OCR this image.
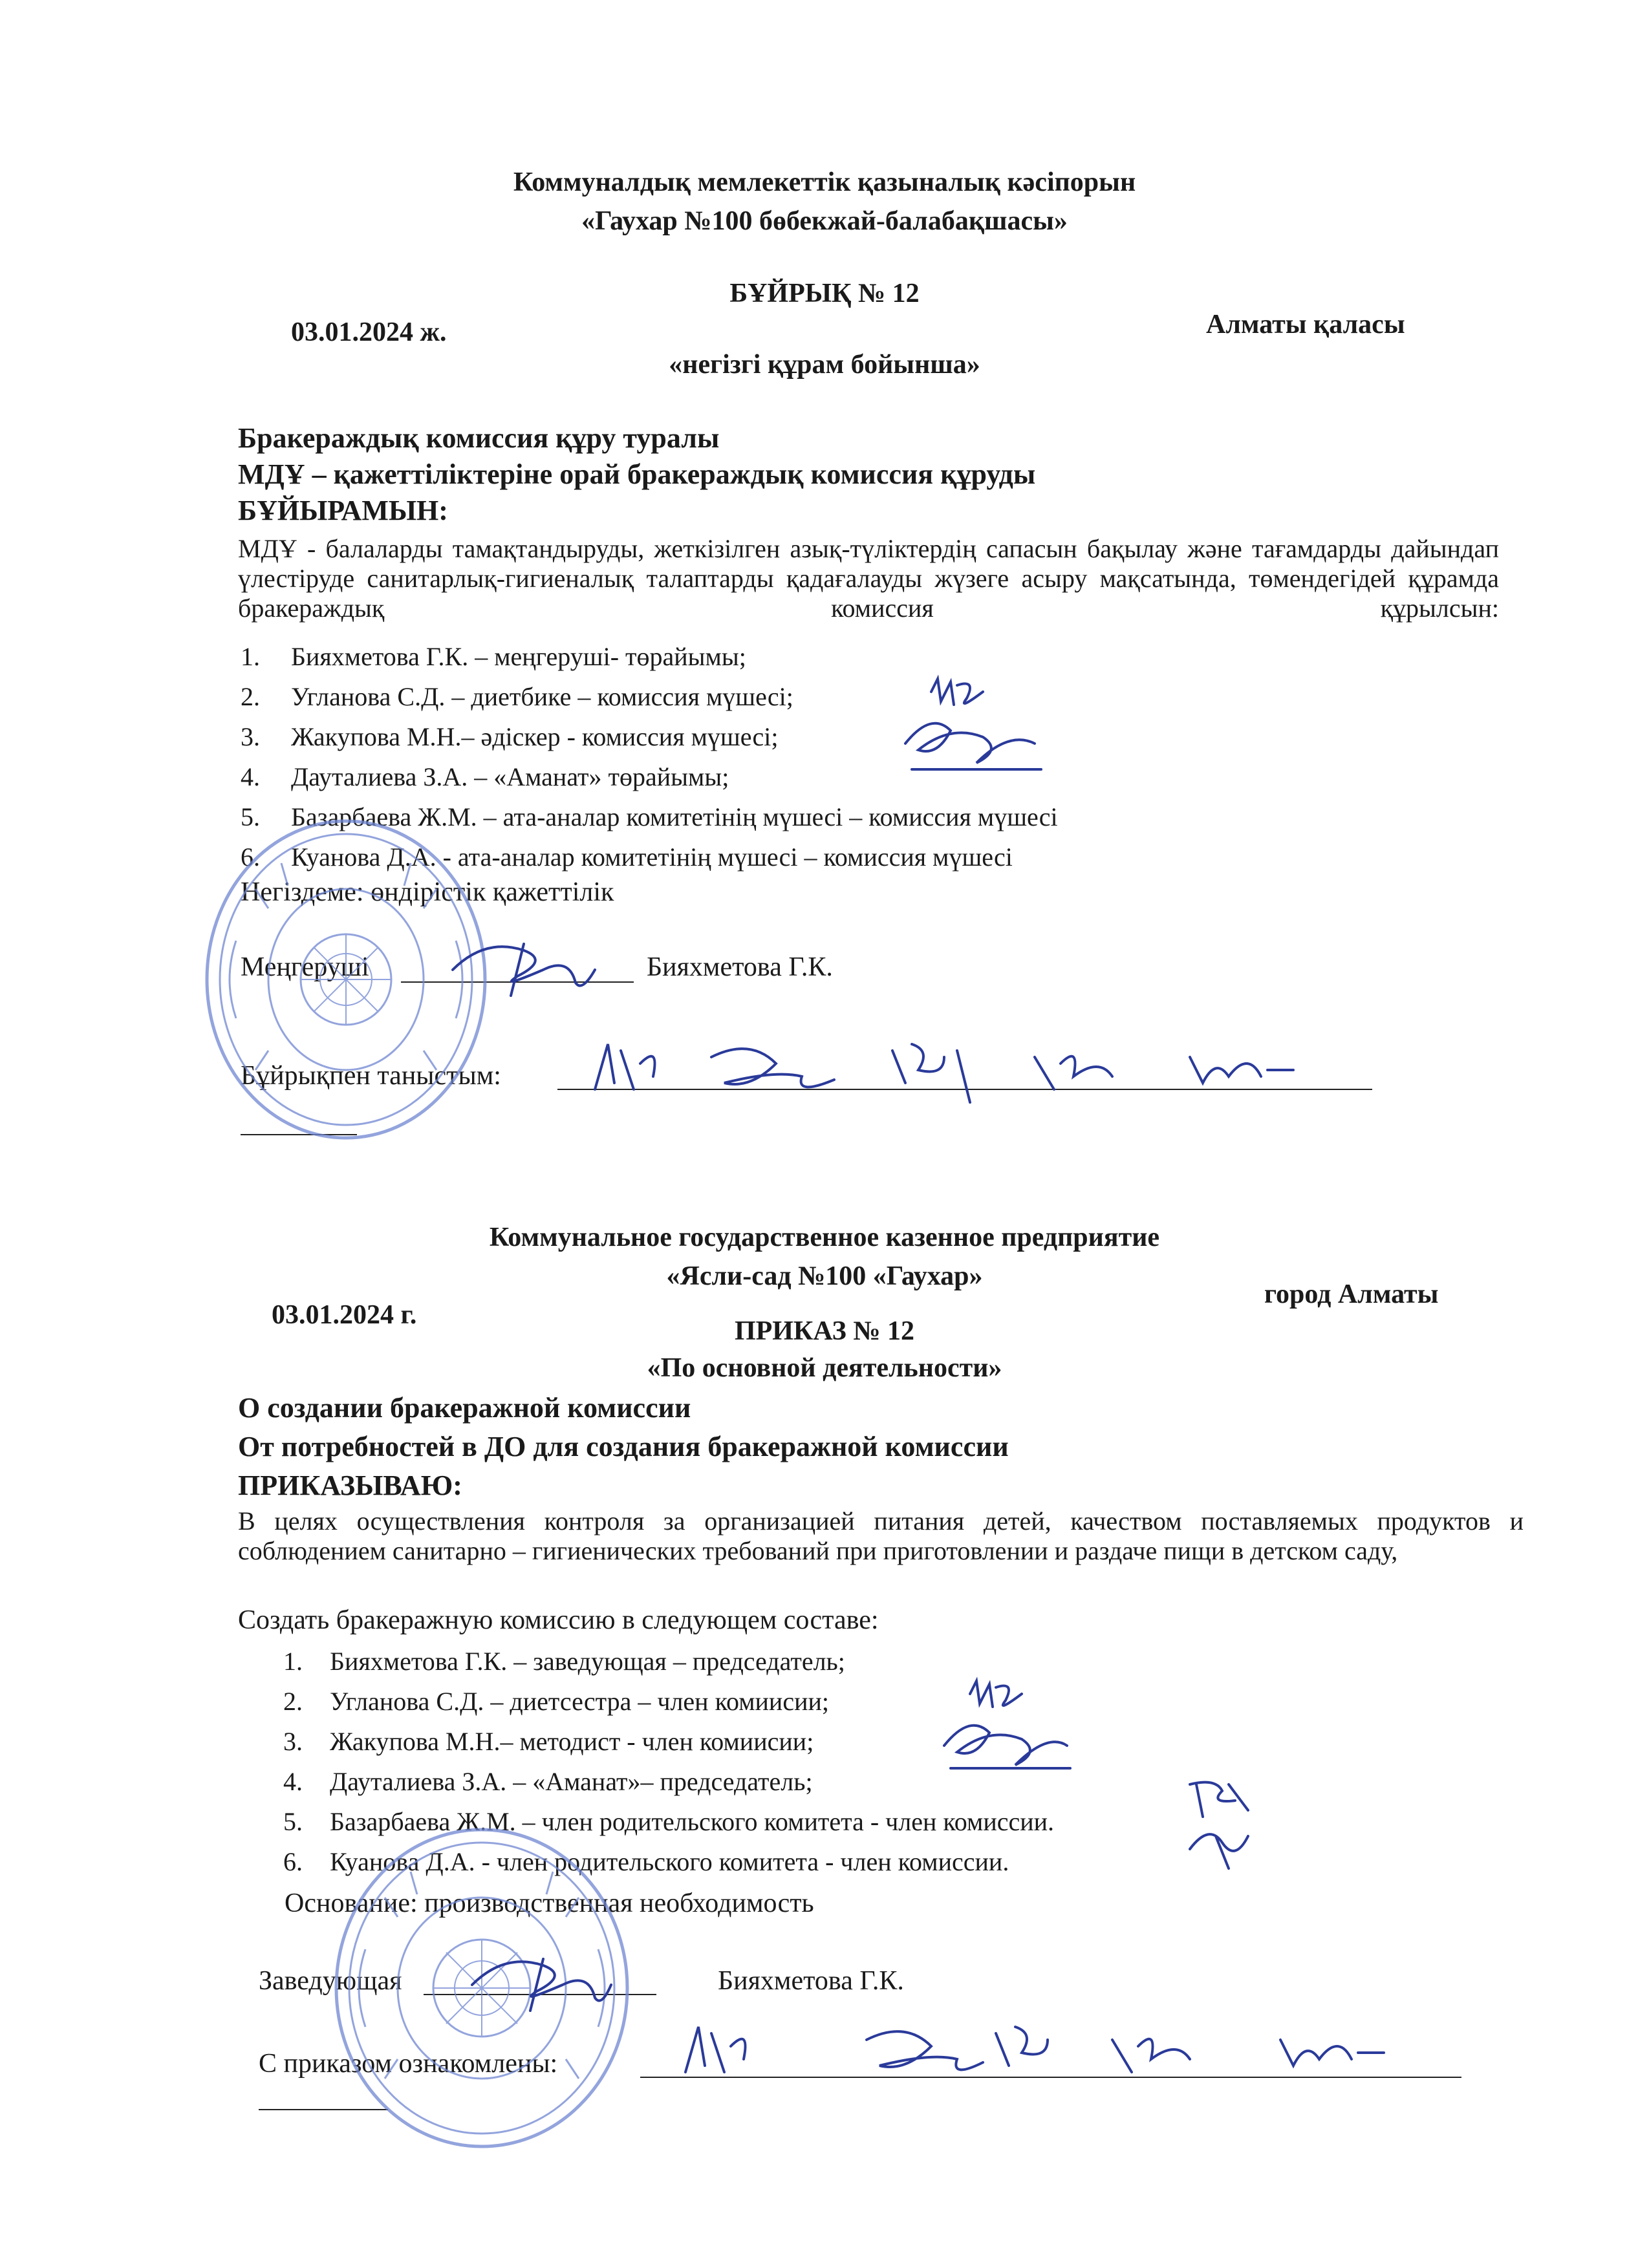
Коммуналдық мемлекеттік қазыналық кәсіпорын
«Гаухар №100 бөбекжай-балабақшасы»
БҰЙРЫҚ № 12
03.01.2024 ж.	Алматы қаласы
«негізгі құрам бойынша»
Бракераждық комиссия құру туралы
МДҰ – қажеттіліктеріне орай бракераждық комиссия құруды
БҰЙЫРАМЫН:
МДҰ - балаларды тамақтандыруды, жеткізілген азық-түліктердің сапасын бақылау және тағамдарды дайындап үлестіруде санитарлық-гигиеналық талаптарды қадағалауды жүзеге асыру мақсатында, төмендегідей құрамда бракераждық комиссия құрылсын:
1. Бияхметова Г.К. – меңгеруші- төрайымы;
2. Угланова С.Д. – диетбике – комиссия мүшесі;
3. Жакупова М.Н.– әдіскер - комиссия мүшесі;
4. Дауталиева З.А. – «Аманат» төрайымы;
5. Базарбаева Ж.М. – ата-аналар комитетінің мүшесі – комиссия мүшесі
6. Куанова Д.А. - ата-аналар комитетінің мүшесі – комиссия мүшесі
Негіздеме: өндірістік қажеттілік
Меңгеруші	Бияхметова Г.К.
Бұйрықпен таныстым:
Коммунальное государственное казенное предприятие
«Ясли-сад №100 «Гаухар»
03.01.2024 г.
город Алматы
ПРИКАЗ № 12
«По основной деятельности»
О создании бракеражной комиссии
От потребностей в ДО для создания бракеражной комиссии
ПРИКАЗЫВАЮ:
В целях осуществления контроля за организацией питания детей, качеством поставляемых продуктов и соблюдением санитарно – гигиенических требований при приготовлении и раздаче пищи в детском саду,
Создать бракеражную комиссию в следующем составе:
1. Бияхметова Г.К. – заведующая – председатель;
2. Угланова С.Д. – диетсестра – член комиисии;
3. Жакупова М.Н.– методист - член комиисии;
4. Дауталиева З.А. – «Аманат»– председатель;
5. Базарбаева Ж.М. – член родительского комитета - член комиссии.
6. Куанова Д.А. - член родительского комитета - член комиссии.
Основание: производственная необходимость
Заведующая	Бияхметова Г.К.
С приказом ознакомлены:
